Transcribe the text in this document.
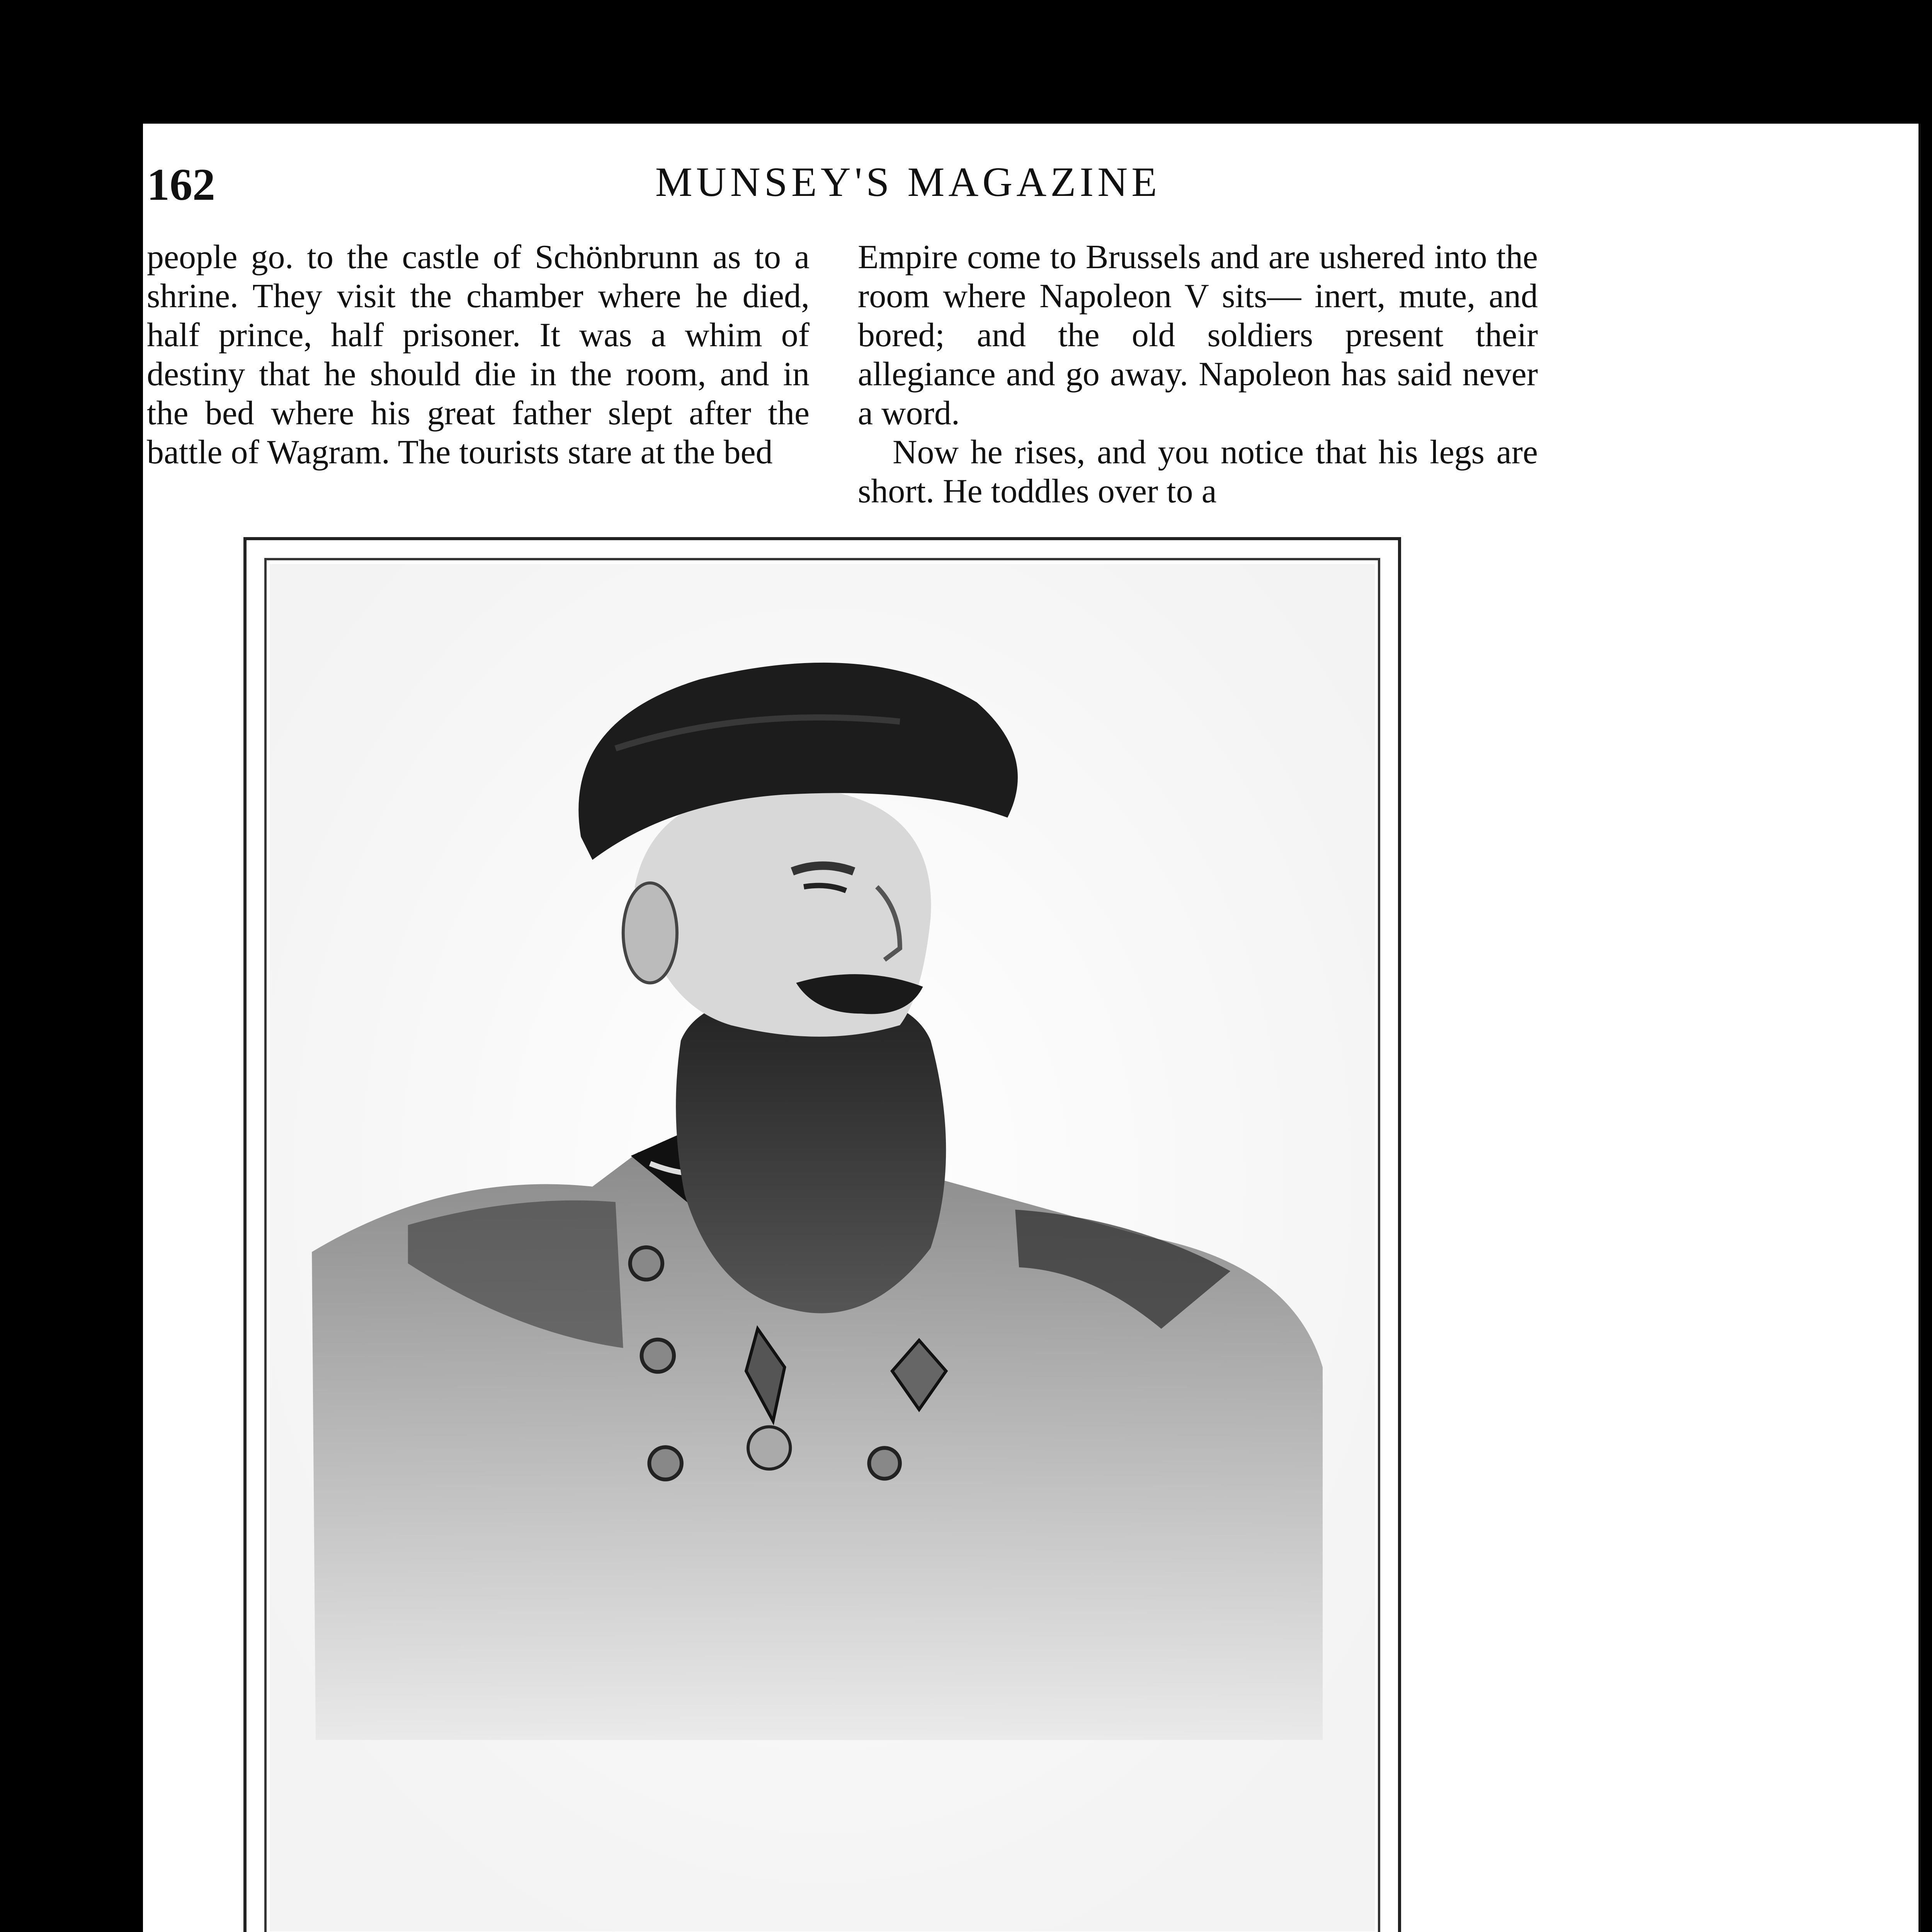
162	MUNSEY'S MAGAZINE

people go. to the castle of Schönbrunn as to a shrine. They visit the chamber where he died, half prince, half prisoner. It was a whim of destiny that he should die in the room, and in the bed where his great father slept after the battle of Wagram. The tourists stare at the bed

Empire come to Brussels and are ushered into the room where Napoleon V sits— inert, mute, and bored; and the old soldiers present their allegiance and go away. Napoleon has said never a word.

Now he rises, and you notice that his legs are short. He toddles over to a
